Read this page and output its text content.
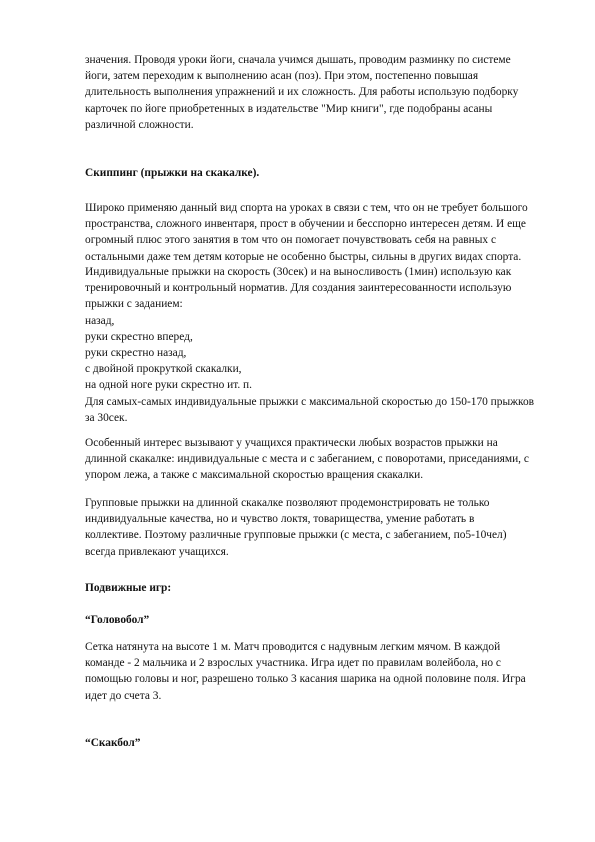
значения. Проводя уроки йоги, сначала учимся дышать, проводим разминку по системе
йоги, затем переходим к выполнению асан (поз). При этом, постепенно повышая
длительность выполнения упражнений и их сложность. Для работы использую подборку
карточек по йоге приобретенных в издательстве "Мир книги", где подобраны асаны
различной сложности.
Скиппинг (прыжки на скакалке).
Широко применяю данный вид спорта на уроках в связи с тем, что он не требует большого
пространства, сложного инвентаря, прост в обучении и бесспорно интересен детям. И еще
огромный плюс этого занятия в том что он помогает почувствовать себя на равных с
остальными даже тем детям которые не особенно быстры, сильны в других видах спорта.
Индивидуальные прыжки на скорость (30сек) и на выносливость (1мин) использую как
тренировочный и контрольный норматив. Для создания заинтересованности использую
прыжки с заданием:
назад,
руки скрестно вперед,
руки скрестно назад,
с двойной прокруткой скакалки,
на одной ноге руки скрестно ит. п.
Для самых-самых индивидуальные прыжки с максимальной скоростью до 150-170 прыжков
за 30сек.
Особенный интерес вызывают у учащихся практически любых возрастов прыжки на
длинной скакалке: индивидуальные с места и с забеганием, с поворотами, приседаниями, с
упором лежа, а также с максимальной скоростью вращения скакалки.
Групповые прыжки на длинной скакалке позволяют продемонстрировать не только
индивидуальные качества, но и чувство локтя, товарищества, умение работать в
коллективе. Поэтому различные групповые прыжки (с места, с забеганием, по5-10чел)
всегда привлекают учащихся.
Подвижные игр:
“Головобол”
Сетка натянута на высоте 1 м. Матч проводится с надувным легким мячом. В каждой
команде - 2 мальчика и 2 взрослых участника. Игра идет по правилам волейбола, но с
помощью головы и ног, разрешено только 3 касания шарика на одной половине поля. Игра
идет до счета 3.
“Скакбол”
